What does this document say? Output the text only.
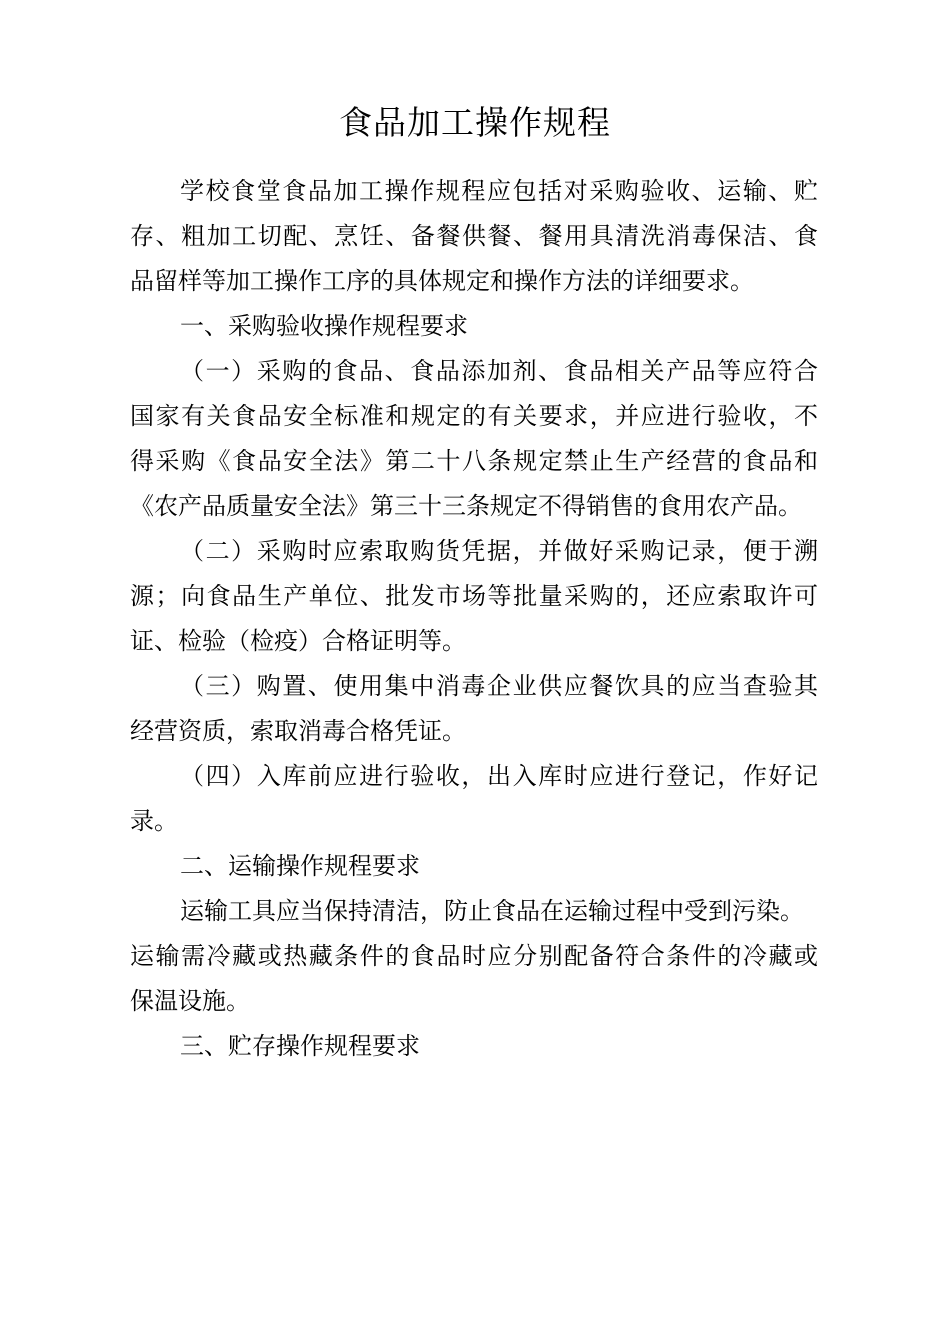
食品加工操作规程

学校食堂食品加工操作规程应包括对采购验收、运输、贮

存、粗加工切配、烹饪、备餐供餐、餐用具清洗消毒保洁、食

品留样等加工操作工序的具体规定和操作方法的详细要求。

一、采购验收操作规程要求

（一）采购的食品、食品添加剂、食品相关产品等应符合

国家有关食品安全标准和规定的有关要求，并应进行验收，不

得采购《食品安全法》第二十八条规定禁止生产经营的食品和

《农产品质量安全法》第三十三条规定不得销售的食用农产品。

（二）采购时应索取购货凭据，并做好采购记录，便于溯

源；向食品生产单位、批发市场等批量采购的，还应索取许可

证、检验（检疫）合格证明等。

（三）购置、使用集中消毒企业供应餐饮具的应当查验其

经营资质，索取消毒合格凭证。

（四）入库前应进行验收，出入库时应进行登记，作好记

录。

二、运输操作规程要求

运输工具应当保持清洁，防止食品在运输过程中受到污染。

运输需冷藏或热藏条件的食品时应分别配备符合条件的冷藏或

保温设施。

三、贮存操作规程要求
